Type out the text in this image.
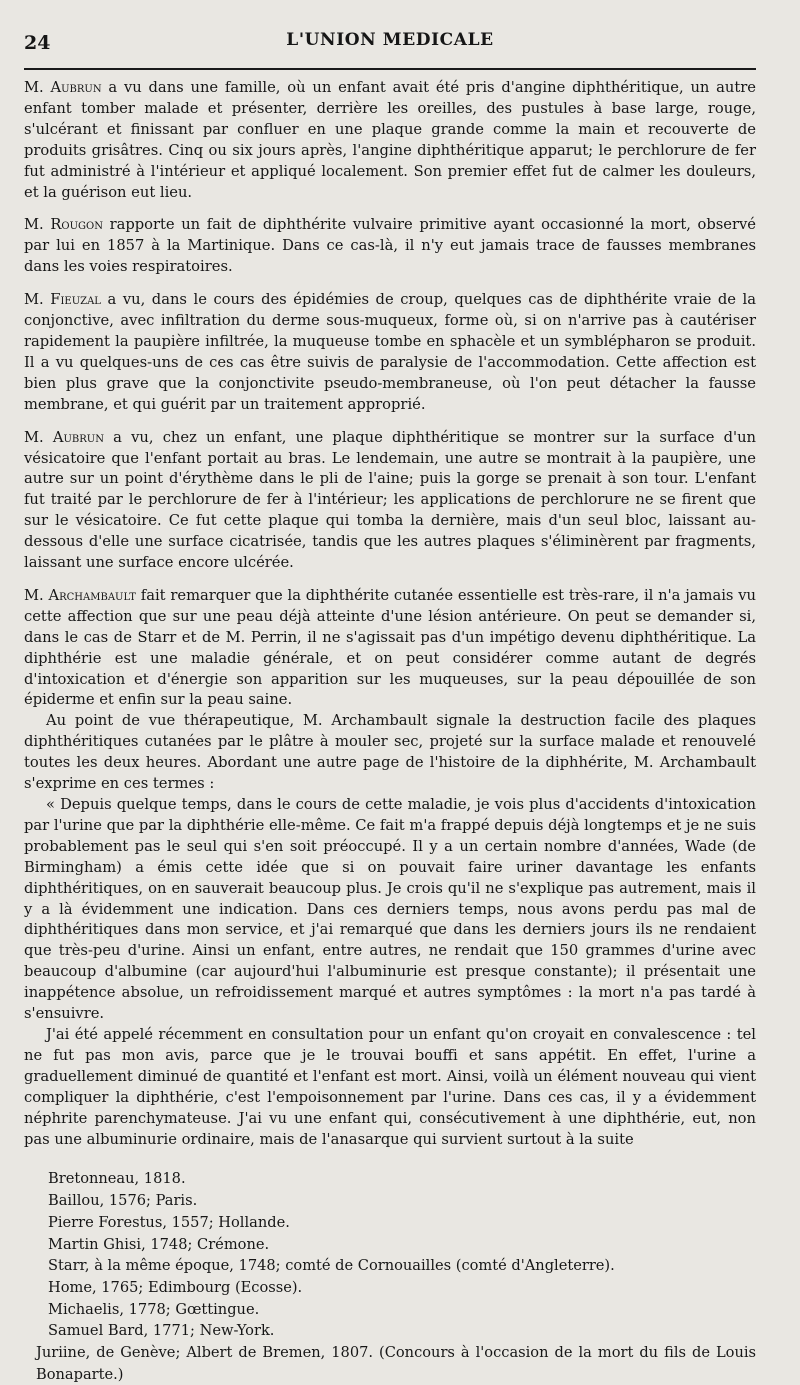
24	L'UNION MEDICALE

M. Aubrun a vu dans une famille, où un enfant avait été pris d'angine diphthéritique, un autre enfant tomber malade et présenter, derrière les oreilles, des pustules à base large, rouge, s'ulcérant et finissant par confluer en une plaque grande comme la main et recouverte de produits grisâtres. Cinq ou six jours après, l'angine diphthéritique apparut; le perchlorure de fer fut administré à l'intérieur et appliqué localement. Son premier effet fut de calmer les douleurs, et la guérison eut lieu.

M. Rougon rapporte un fait de diphthérite vulvaire primitive ayant occasionné la mort, observé par lui en 1857 à la Martinique. Dans ce cas-là, il n'y eut jamais trace de fausses membranes dans les voies respiratoires.

M. Fieuzal a vu, dans le cours des épidémies de croup, quelques cas de diphthérite vraie de la conjonctive, avec infiltration du derme sous-muqueux, forme où, si on n'arrive pas à cautériser rapidement la paupière infiltrée, la muqueuse tombe en sphacèle et un symblépharon se produit. Il a vu quelques-uns de ces cas être suivis de paralysie de l'accommodation. Cette affection est bien plus grave que la conjonctivite pseudo-membraneuse, où l'on peut détacher la fausse membrane, et qui guérit par un traitement approprié.

M. Aubrun a vu, chez un enfant, une plaque diphthéritique se montrer sur la surface d'un vésicatoire que l'enfant portait au bras. Le lendemain, une autre se montrait à la paupière, une autre sur un point d'érythème dans le pli de l'aine; puis la gorge se prenait à son tour. L'enfant fut traité par le perchlorure de fer à l'intérieur; les applications de perchlorure ne se firent que sur le vésicatoire. Ce fut cette plaque qui tomba la dernière, mais d'un seul bloc, laissant au-dessous d'elle une surface cicatrisée, tandis que les autres plaques s'éliminèrent par fragments, laissant une surface encore ulcérée.

M. Archambault fait remarquer que la diphthérite cutanée essentielle est très-rare, il n'a jamais vu cette affection que sur une peau déjà atteinte d'une lésion antérieure. On peut se demander si, dans le cas de Starr et de M. Perrin, il ne s'agissait pas d'un impétigo devenu diphthéritique. La diphthérie est une maladie générale, et on peut considérer comme autant de degrés d'intoxication et d'énergie son apparition sur les muqueuses, sur la peau dépouillée de son épiderme et enfin sur la peau saine.

Au point de vue thérapeutique, M. Archambault signale la destruction facile des plaques diphthéritiques cutanées par le plâtre à mouler sec, projeté sur la surface malade et renouvelé toutes les deux heures. Abordant une autre page de l'histoire de la diphhérite, M. Archambault s'exprime en ces termes :

« Depuis quelque temps, dans le cours de cette maladie, je vois plus d'accidents d'intoxication par l'urine que par la diphthérie elle-même. Ce fait m'a frappé depuis déjà longtemps et je ne suis probablement pas le seul qui s'en soit préoccupé. Il y a un certain nombre d'années, Wade (de Birmingham) a émis cette idée que si on pouvait faire uriner davantage les enfants diphthéritiques, on en sauverait beaucoup plus. Je crois qu'il ne s'explique pas autrement, mais il y a là évidemment une indication. Dans ces derniers temps, nous avons perdu pas mal de diphthéritiques dans mon service, et j'ai remarqué que dans les derniers jours ils ne rendaient que très-peu d'urine. Ainsi un enfant, entre autres, ne rendait que 150 grammes d'urine avec beaucoup d'albumine (car aujourd'hui l'albuminurie est presque constante); il présentait une inappétence absolue, un refroidissement marqué et autres symptômes : la mort n'a pas tardé à s'ensuivre.

J'ai été appelé récemment en consultation pour un enfant qu'on croyait en convalescence : tel ne fut pas mon avis, parce que je le trouvai bouffi et sans appétit. En effet, l'urine a graduellement diminué de quantité et l'enfant est mort. Ainsi, voilà un élément nouveau qui vient compliquer la diphthérie, c'est l'empoisonnement par l'urine. Dans ces cas, il y a évidemment néphrite parenchymateuse. J'ai vu une enfant qui, consécutivement à une diphthérie, eut, non pas une albuminurie ordinaire, mais de l'anasarque qui survient surtout à la suite

Bretonneau, 1818.

Baillou, 1576; Paris.

Pierre Forestus, 1557; Hollande.

Martin Ghisi, 1748; Crémone.

Starr, à la même époque, 1748; comté de Cornouailles (comté d'Angleterre).

Home, 1765; Edimbourg (Ecosse).

Michaelis, 1778; Gœttingue.

Samuel Bard, 1771; New-York.

Juriine, de Genève; Albert de Bremen, 1807. (Concours à l'occasion de la mort du fils de Louis Bonaparte.)
